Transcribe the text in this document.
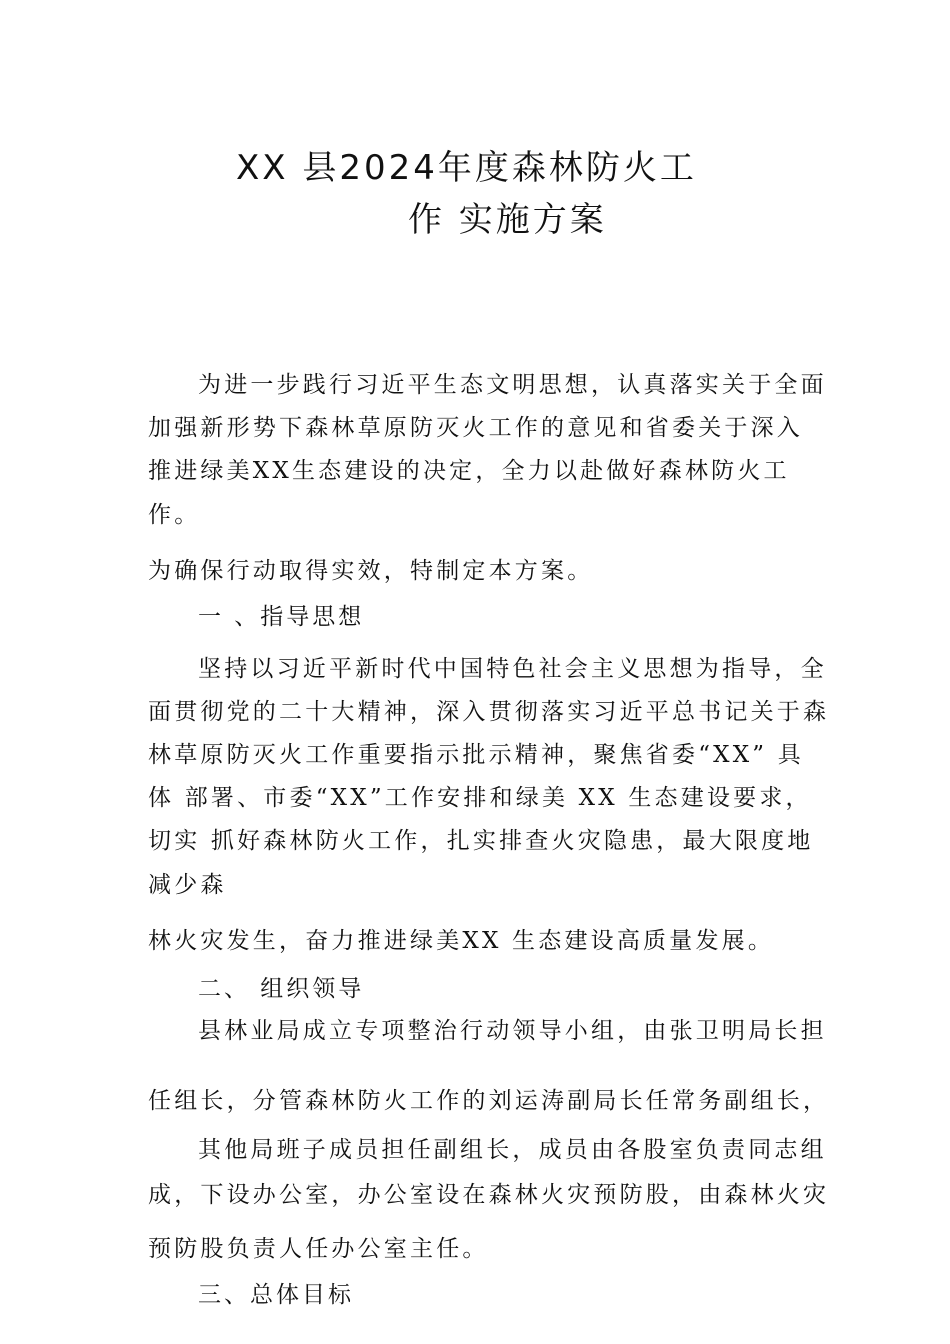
XX 县2024年度森林防火工
作 实施方案
为进一步践行习近平生态文明思想，认真落实关于全面
加强新形势下森林草原防灭火工作的意见和省委关于深入
推进绿美XX生态建设的决定，全力以赴做好森林防火工
作。
为确保行动取得实效，特制定本方案。
一 、指导思想
坚持以习近平新时代中国特色社会主义思想为指导，全
面贯彻党的二十大精神，深入贯彻落实习近平总书记关于森
林草原防灭火工作重要指示批示精神，聚焦省委“XX” 具
体 部署、市委“XX”工作安排和绿美 XX 生态建设要求，
切实 抓好森林防火工作，扎实排查火灾隐患，最大限度地
减少森
林火灾发生，奋力推进绿美XX 生态建设高质量发展。
二、 组织领导
县林业局成立专项整治行动领导小组，由张卫明局长担
任组长，分管森林防火工作的刘运涛副局长任常务副组长，
其他局班子成员担任副组长，成员由各股室负责同志组
成，下设办公室，办公室设在森林火灾预防股，由森林火灾
预防股负责人任办公室主任。
三、总体目标
